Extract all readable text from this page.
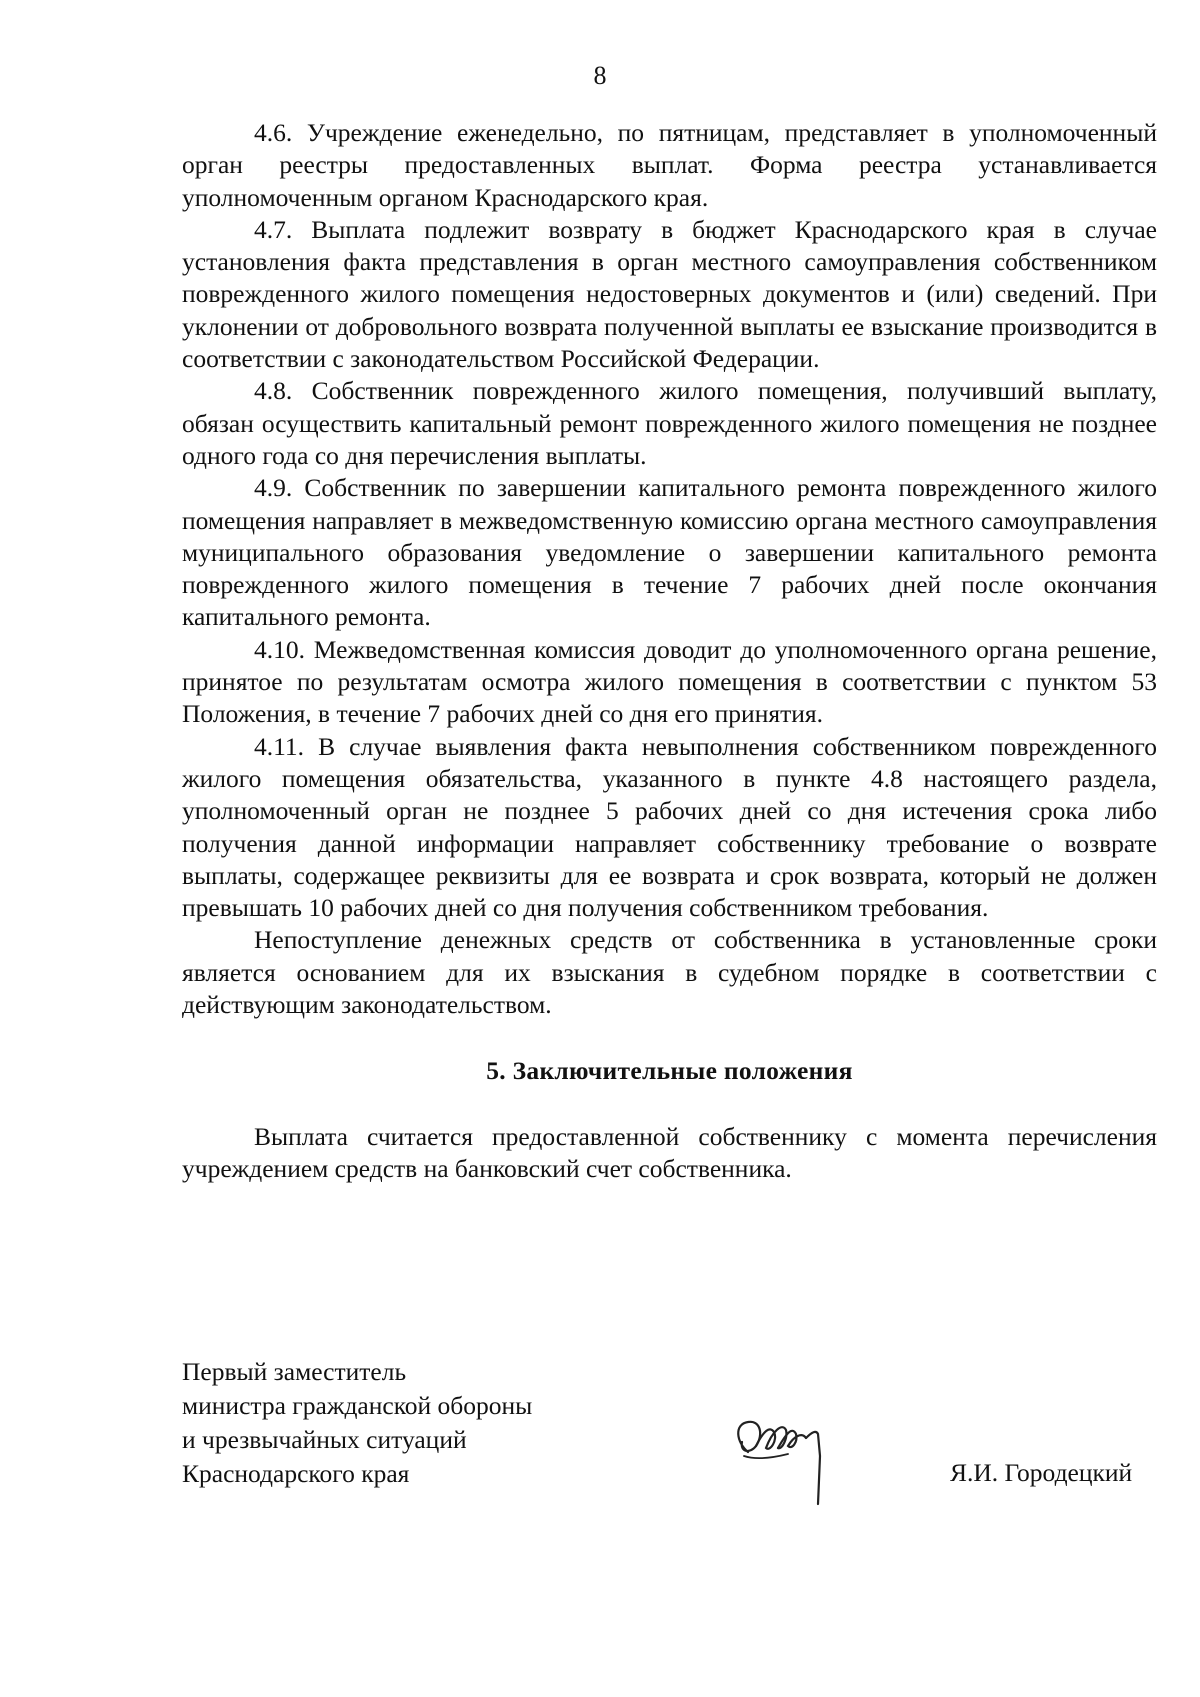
8

4.6. Учреждение еженедельно, по пятницам, представляет в уполномоченный орган реестры предоставленных выплат. Форма реестра устанавливается уполномоченным органом Краснодарского края.

4.7. Выплата подлежит возврату в бюджет Краснодарского края в случае установления факта представления в орган местного самоуправления собственником поврежденного жилого помещения недостоверных документов и (или) сведений. При уклонении от добровольного возврата полученной выплаты ее взыскание производится в соответствии с законодательством Российской Федерации.

4.8. Собственник поврежденного жилого помещения, получивший выплату, обязан осуществить капитальный ремонт поврежденного жилого помещения не позднее одного года со дня перечисления выплаты.

4.9. Собственник по завершении капитального ремонта поврежденного жилого помещения направляет в межведомственную комиссию органа местного самоуправления муниципального образования уведомление о завершении капитального ремонта поврежденного жилого помещения в течение 7 рабочих дней после окончания капитального ремонта.

4.10. Межведомственная комиссия доводит до уполномоченного органа решение, принятое по результатам осмотра жилого помещения в соответствии с пунктом 53 Положения, в течение 7 рабочих дней со дня его принятия.

4.11. В случае выявления факта невыполнения собственником поврежденного жилого помещения обязательства, указанного в пункте 4.8 настоящего раздела, уполномоченный орган не позднее 5 рабочих дней со дня истечения срока либо получения данной информации направляет собственнику требование о возврате выплаты, содержащее реквизиты для ее возврата и срок возврата, который не должен превышать 10 рабочих дней со дня получения собственником требования.

Непоступление денежных средств от собственника в установленные сроки является основанием для их взыскания в судебном порядке в соответствии с действующим законодательством.

5. Заключительные положения

Выплата считается предоставленной собственнику с момента перечисления учреждением средств на банковский счет собственника.

Первый заместитель
министра гражданской обороны
и чрезвычайных ситуаций
Краснодарского края	Я.И. Городецкий
